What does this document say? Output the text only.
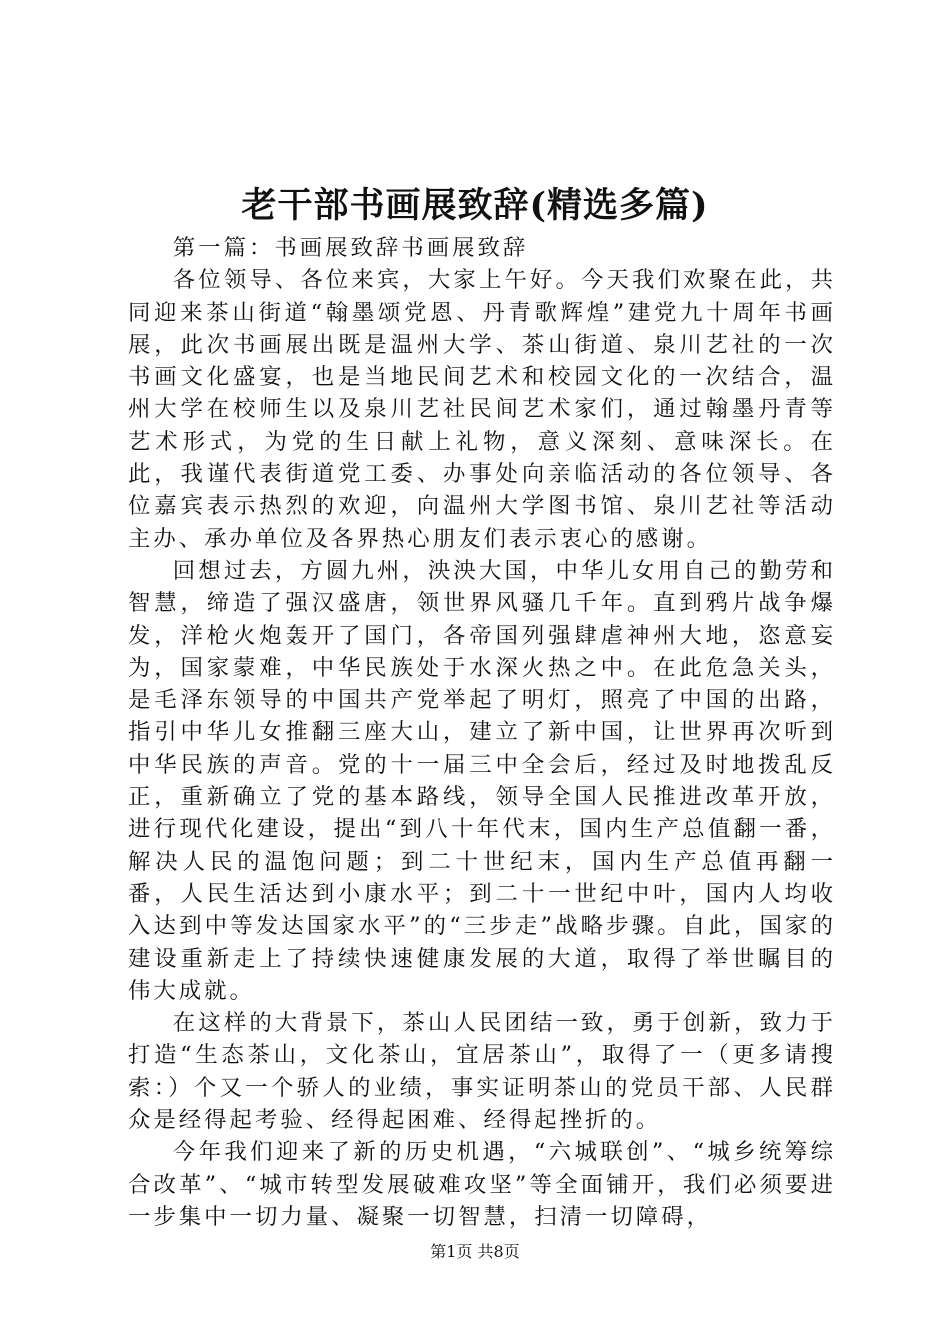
老干部书画展致辞(精选多篇)

第一篇：书画展致辞书画展致辞

各位领导、各位来宾，大家上午好。今天我们欢聚在此，共同迎来茶山街道“翰墨颂党恩、丹青歌辉煌”建党九十周年书画展，此次书画展出既是温州大学、茶山街道、泉川艺社的一次书画文化盛宴，也是当地民间艺术和校园文化的一次结合，温州大学在校师生以及泉川艺社民间艺术家们，通过翰墨丹青等艺术形式，为党的生日献上礼物，意义深刻、意味深长。在此，我谨代表街道党工委、办事处向亲临活动的各位领导、各位嘉宾表示热烈的欢迎，向温州大学图书馆、泉川艺社等活动主办、承办单位及各界热心朋友们表示衷心的感谢。

回想过去，方圆九州，泱泱大国，中华儿女用自己的勤劳和智慧，缔造了强汉盛唐，领世界风骚几千年。直到鸦片战争爆发，洋枪火炮轰开了国门，各帝国列强肆虐神州大地，恣意妄为，国家蒙难，中华民族处于水深火热之中。在此危急关头，是毛泽东领导的中国共产党举起了明灯，照亮了中国的出路，指引中华儿女推翻三座大山，建立了新中国，让世界再次听到中华民族的声音。党的十一届三中全会后，经过及时地拨乱反正，重新确立了党的基本路线，领导全国人民推进改革开放，进行现代化建设，提出“到八十年代末，国内生产总值翻一番，解决人民的温饱问题；到二十世纪末，国内生产总值再翻一番，人民生活达到小康水平；到二十一世纪中叶，国内人均收入达到中等发达国家水平”的“三步走”战略步骤。自此，国家的建设重新走上了持续快速健康发展的大道，取得了举世瞩目的伟大成就。

在这样的大背景下，茶山人民团结一致，勇于创新，致力于打造“生态茶山，文化茶山，宜居茶山”，取得了一（更多请搜索：）个又一个骄人的业绩，事实证明茶山的党员干部、人民群众是经得起考验、经得起困难、经得起挫折的。

今年我们迎来了新的历史机遇，“六城联创”、“城乡统筹综合改革”、“城市转型发展破难攻坚”等全面铺开，我们必须要进一步集中一切力量、凝聚一切智慧，扫清一切障碍，

第1页 共8页
